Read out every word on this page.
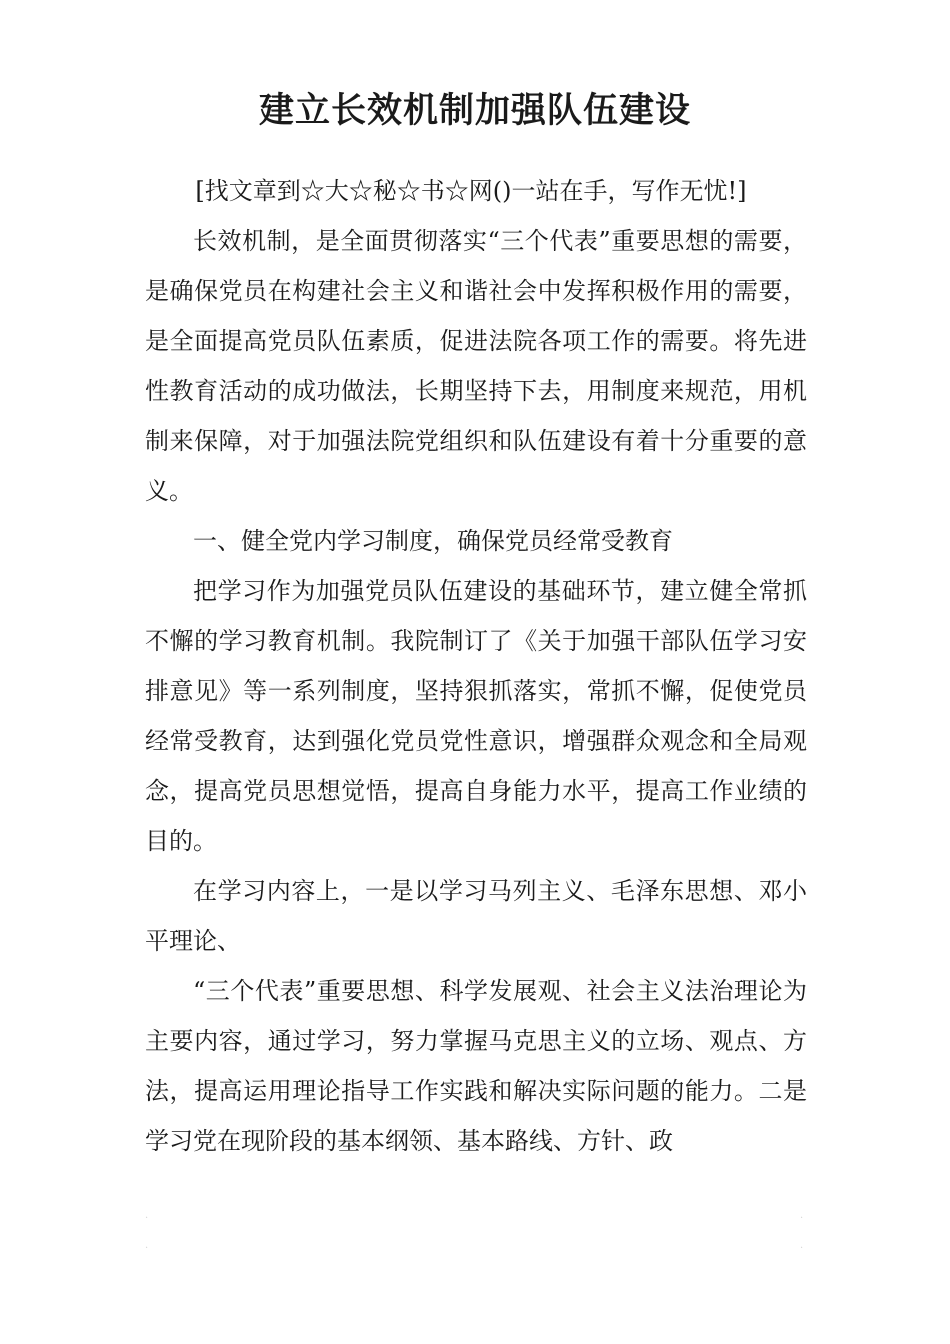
建立长效机制加强队伍建设

[找文章到☆大☆秘☆书☆网()一站在手，写作无忧!]

长效机制，是全面贯彻落实“三个代表”重要思想的需要，是确保党员在构建社会主义和谐社会中发挥积极作用的需要，是全面提高党员队伍素质，促进法院各项工作的需要。将先进性教育活动的成功做法，长期坚持下去，用制度来规范，用机制来保障，对于加强法院党组织和队伍建设有着十分重要的意义。

一、健全党内学习制度，确保党员经常受教育

把学习作为加强党员队伍建设的基础环节，建立健全常抓不懈的学习教育机制。我院制订了《关于加强干部队伍学习安排意见》等一系列制度，坚持狠抓落实，常抓不懈，促使党员经常受教育，达到强化党员党性意识，增强群众观念和全局观念，提高党员思想觉悟，提高自身能力水平，提高工作业绩的目的。

在学习内容上，一是以学习马列主义、毛泽东思想、邓小平理论、

“三个代表”重要思想、科学发展观、社会主义法治理论为主要内容，通过学习，努力掌握马克思主义的立场、观点、方法，提高运用理论指导工作实践和解决实际问题的能力。二是学习党在现阶段的基本纲领、基本路线、方针、政

·	·
·	·
